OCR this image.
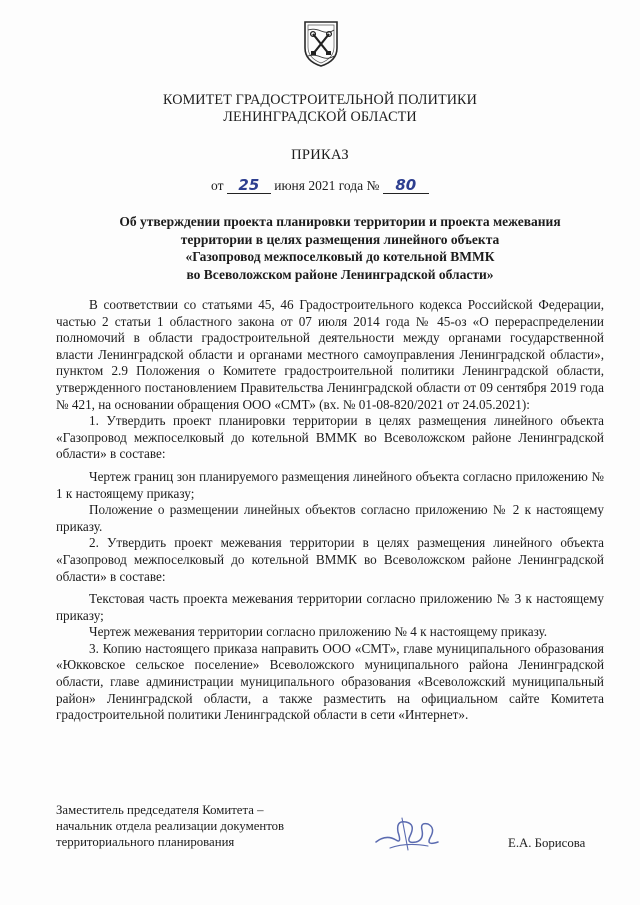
КОМИТЕТ ГРАДОСТРОИТЕЛЬНОЙ ПОЛИТИКИ
ЛЕНИНГРАДСКОЙ ОБЛАСТИ
ПРИКАЗ
от 25 июня 2021 года № 80
Об утверждении проекта планировки территории и проекта межевания
территории в целях размещения линейного объекта
«Газопровод межпоселковый до котельной ВММК
во Всеволожском районе Ленинградской области»

В соответствии со статьями 45, 46 Градостроительного кодекса Российской Федерации, частью 2 статьи 1 областного закона от 07 июля 2014 года № 45-оз «О перераспределении полномочий в области градостроительной деятельности между органами государственной власти Ленинградской области и органами местного самоуправления Ленинградской области», пунктом 2.9 Положения о Комитете градостроительной политики Ленинградской области, утвержденного постановлением Правительства Ленинградской области от 09 сентября 2019 года № 421, на основании обращения ООО «СМТ» (вх. № 01-08-820/2021 от 24.05.2021):

1. Утвердить проект планировки территории в целях размещения линейного объекта «Газопровод межпоселковый до котельной ВММК во Всеволожском районе Ленинградской области» в составе:

Чертеж границ зон планируемого размещения линейного объекта согласно приложению № 1 к настоящему приказу;

Положение о размещении линейных объектов согласно приложению № 2 к настоящему приказу.

2. Утвердить проект межевания территории в целях размещения линейного объекта «Газопровод межпоселковый до котельной ВММК во Всеволожском районе Ленинградской области» в составе:

Текстовая часть проекта межевания территории согласно приложению № 3 к настоящему приказу;

Чертеж межевания территории согласно приложению № 4 к настоящему приказу.

3. Копию настоящего приказа направить ООО «СМТ», главе муниципального образования «Юкковское сельское поселение» Всеволожского муниципального района Ленинградской области, главе администрации муниципального образования «Всеволожский муниципальный район» Ленинградской области, а также разместить на официальном сайте Комитета градостроительной политики Ленинградской области в сети «Интернет».

Заместитель председателя Комитета –
начальник отдела реализации документов
территориального планирования	Е.А. Борисова
